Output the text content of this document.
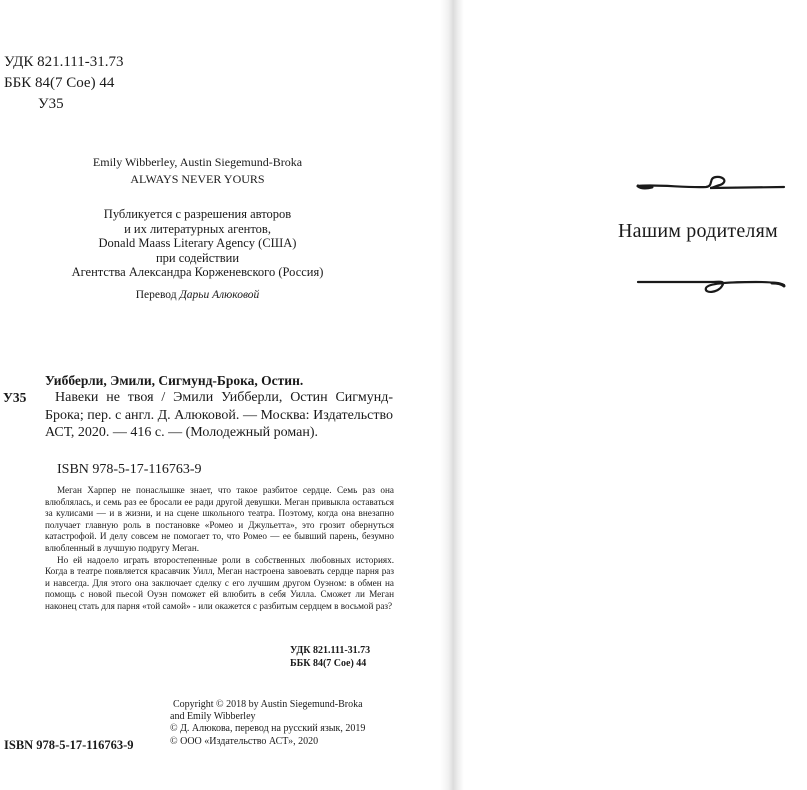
УДК 821.111-31.73
ББК 84(7 Сое) 44
У35
Emily Wibberley, Austin Siegemund-Broka
ALWAYS NEVER YOURS
Публикуется с разрешения авторов
и их литературных агентов,
Donald Maass Literary Agency (США)
при содействии
Агентства Александра Корженевского (Россия)
Перевод Дарьи Алюковой
Уибберли, Эмили, Сигмунд-Брока, Остин.
У35	Навеки не твоя / Эмили Уибберли, Остин Сигмунд-Брока; пер. с англ. Д. Алюковой. — Москва: Издательство АСТ, 2020. — 416 с. — (Молодежный роман).
ISBN 978-5-17-116763-9

Меган Харпер не понаслышке знает, что такое разбитое сердце. Семь раз она влюблялась, и семь раз ее бросали ее ради другой девушки. Меган привыкла оставаться за кулисами — и в жизни, и на сцене школьного театра. Поэтому, когда она внезапно получает главную роль в постановке «Ромео и Джульетта», это грозит обернуться катастрофой. И делу совсем не помогает то, что Ромео — ее бывший парень, безумно влюбленный в лучшую подругу Меган.

Но ей надоело играть второстепенные роли в собственных любовных историях. Когда в театре появляется красавчик Уилл, Меган настроена завоевать сердце парня раз и навсегда. Для этого она заключает сделку с его лучшим другом Оуэном: в обмен на помощь с новой пьесой Оуэн поможет ей влюбить в себя Уилла. Сможет ли Меган наконец стать для парня «той самой» - или окажется с разбитым сердцем в восьмой раз?

УДК 821.111-31.73
ББК 84(7 Сое) 44
Copyright © 2018 by Austin Siegemund-Broka
and Emily Wibberley
© Д. Алюкова, перевод на русский язык, 2019
© ООО «Издательство АСТ», 2020
ISBN 978-5-17-116763-9
Нашим родителям
